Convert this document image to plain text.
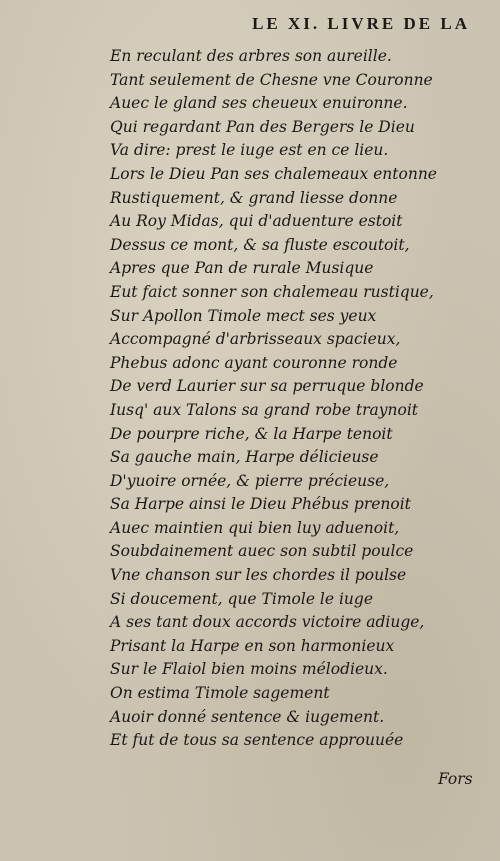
LE XI. LIVRE DE LA
En reculant des arbres son aureille.
Tant seulement de Chesne vne Couronne
Auec le gland ses cheueux enuironne.
Qui regardant Pan des Bergers le Dieu
Va dire: prest le iuge est en ce lieu.
Lors le Dieu Pan ses chalemeaux entonne
Rustiquement, & grand liesse donne
Au Roy Midas, qui d'aduenture estoit
Dessus ce mont, & sa fluste escoutoit,
Apres que Pan de rurale Musique
Eut faict sonner son chalemeau rustique,
Sur Apollon Timole mect ses yeux
Accompagné d'arbrisseaux spacieux,
Phebus adonc ayant couronne ronde
De verd Laurier sur sa perruque blonde
Iusq' aux Talons sa grand robe traynoit
De pourpre riche, & la Harpe tenoit
Sa gauche main, Harpe délicieuse
D'yuoire ornée, & pierre précieuse,
Sa Harpe ainsi le Dieu Phébus prenoit
Auec maintien qui bien luy aduenoit,
Soubdainement auec son subtil poulce
Vne chanson sur les chordes il poulse
Si doucement, que Timole le iuge
A ses tant doux accords victoire adiuge,
Prisant la Harpe en son harmonieux
Sur le Flaiol bien moins mélodieux.
On estima Timole sagement
Auoir donné sentence & iugement.
Et fut de tous sa sentence approuuée
Fors
